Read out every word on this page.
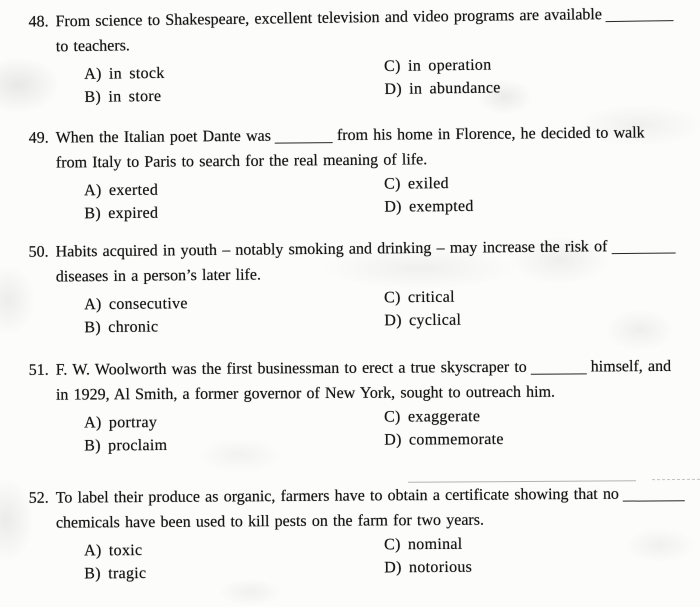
48. From science to Shakespeare, excellent television and video programs are available
to teachers.
A) in stock	C) in operation
B) in store	D) in abundance
49. When the Italian poet Dante was	from his home in Florence, he decided to walk
from Italy to Paris to search for the real meaning of life.
A) exerted	C) exiled
B) expired	D) exempted
50. Habits acquired in youth – notably smoking and drinking – may increase the risk of
diseases in a person’s later life.
A) consecutive	C) critical
B) chronic	D) cyclical
51. F. W. Woolworth was the first businessman to erect a true skyscraper to	himself, and
in 1929, Al Smith, a former governor of New York, sought to outreach him.
A) portray	C) exaggerate
B) proclaim	D) commemorate
52. To label their produce as organic, farmers have to obtain a certificate showing that no
chemicals have been used to kill pests on the farm for two years.
A) toxic	C) nominal
B) tragic	D) notorious
